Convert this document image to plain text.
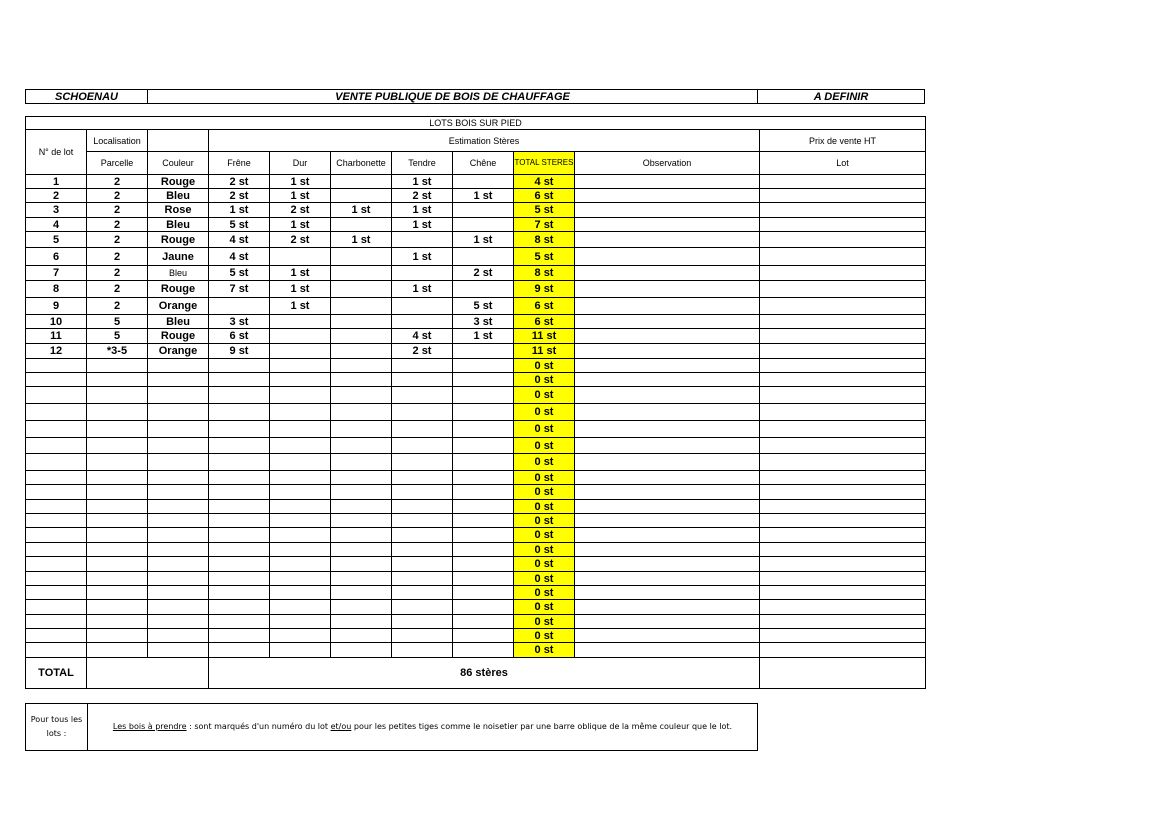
SCHOENAU	VENTE PUBLIQUE DE BOIS DE CHAUFFAGE	A DEFINIR
LOTS BOIS SUR PIED										
N° de lot	Localisation		Estimation Stères							Prix de vente HT
	Parcelle	Couleur	Frêne	Dur	Charbonette	Tendre	Chêne	TOTAL STERES	Observation	Lot
1	2	Rouge	2 st	1 st		1 st		4 st		
2	2	Bleu	2 st	1 st		2 st	1 st	6 st		
3	2	Rose	1 st	2 st	1 st	1 st		5 st		
4	2	Bleu	5 st	1 st		1 st		7 st		
5	2	Rouge	4 st	2 st	1 st		1 st	8 st		
6	2	Jaune	4 st			1 st		5 st		
7	2	Bleu	5 st	1 st			2 st	8 st		
8	2	Rouge	7 st	1 st		1 st		9 st		
9	2	Orange		1 st			5 st	6 st		
10	5	Bleu	3 st				3 st	6 st		
11	5	Rouge	6 st			4 st	1 st	11 st		
12	*3-5	Orange	9 st			2 st		11 st		
								0 st		
								0 st		
								0 st		
								0 st		
								0 st		
								0 st		
								0 st		
								0 st		
								0 st		
								0 st		
								0 st		
								0 st		
								0 st		
								0 st		
								0 st		
								0 st		
								0 st		
								0 st		
								0 st		
								0 st		
TOTAL			86 stères							
Pour tous les lots :	Les bois à prendre : sont marqués d'un numéro du lot et/ou pour les petites tiges comme le noisetier par une barre oblique de la même couleur que le lot.
